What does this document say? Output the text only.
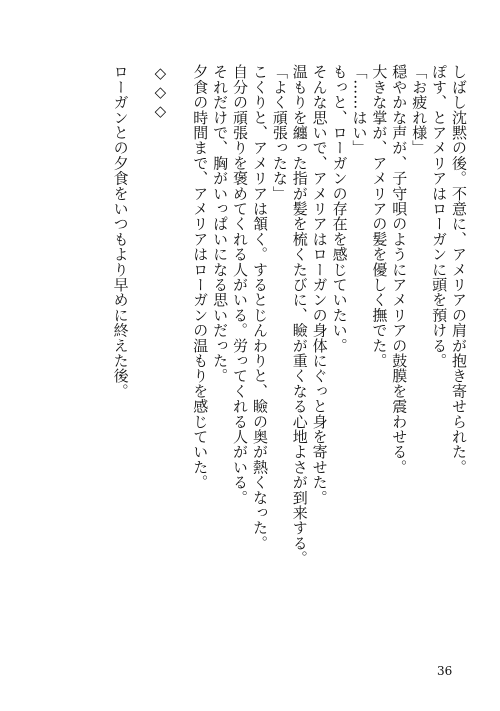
しばし沈黙の後。不意に、アメリアの肩が抱き寄せられた。
ぽす、とアメリアはローガンに頭を預ける。
「お疲れ様」
穏やかな声が、子守唄のようにアメリアの鼓膜を震わせる。
大きな掌が、アメリアの髪を優しく撫でた。
「……はい」
もっと、ローガンの存在を感じていたい。
そんな思いで、アメリアはローガンの身体にぐっと身を寄せた。
温もりを纏った指が髪を梳くたびに、瞼が重くなる心地よさが到来する。
「よく頑張ったな」
こくりと、アメリアは頷く。するとじんわりと、瞼の奥が熱くなった。
自分の頑張りを褒めてくれる人がいる。労ってくれる人がいる。
それだけで、胸がいっぱいになる思いだった。
夕食の時間まで、アメリアはローガンの温もりを感じていた。
◇◇◇
ローガンとの夕食をいつもより早めに終えた後。
36
